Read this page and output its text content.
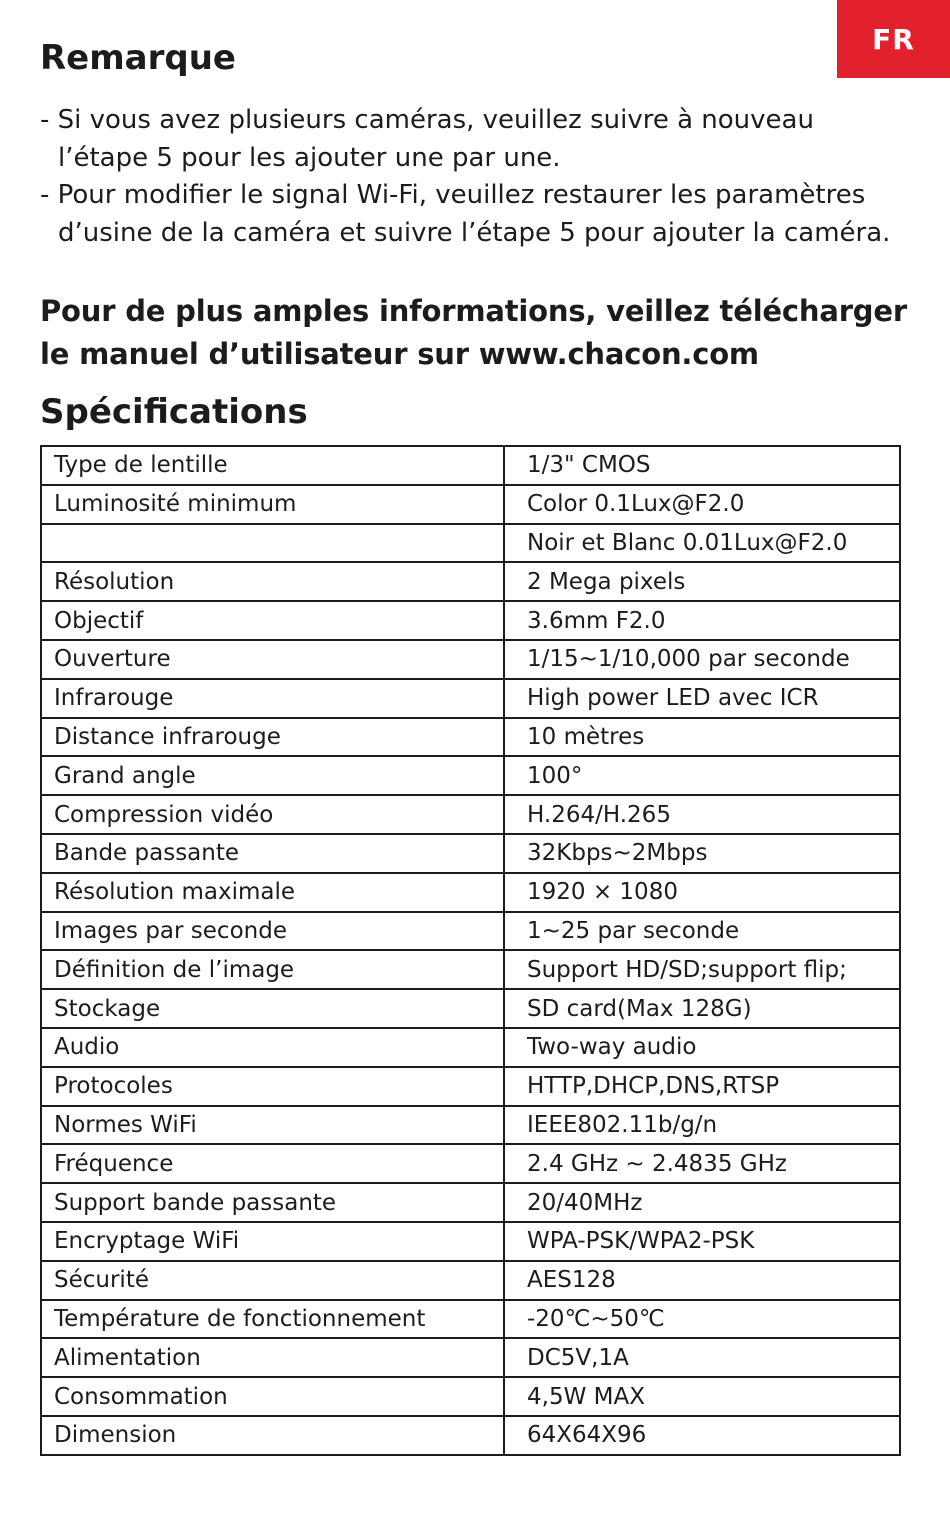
FR
Remarque
- Si vous avez plusieurs caméras, veuillez suivre à nouveau l’étape 5 pour les ajouter une par une.
- Pour modifier le signal Wi-Fi, veuillez restaurer les paramètres d’usine de la caméra et suivre l’étape 5 pour ajouter la caméra.

Pour de plus amples informations, veillez télécharger le manuel d’utilisateur sur www.chacon.com

Spécifications
Type de lentille	1/3" CMOS
Luminosité minimum	Color 0.1Lux@F2.0
	Noir et Blanc 0.01Lux@F2.0
Résolution	2 Mega pixels
Objectif	3.6mm F2.0
Ouverture	1/15~1/10,000 par seconde
Infrarouge	High power LED avec ICR
Distance infrarouge	10 mètres
Grand angle	100°
Compression vidéo	H.264/H.265
Bande passante	32Kbps~2Mbps
Résolution maximale	1920 × 1080
Images par seconde	1~25 par seconde
Définition de l’image	Support HD/SD;support flip;
Stockage	SD card(Max 128G)
Audio	Two-way audio
Protocoles	HTTP,DHCP,DNS,RTSP
Normes WiFi	IEEE802.11b/g/n
Fréquence	2.4 GHz ~ 2.4835 GHz
Support bande passante	20/40MHz
Encryptage WiFi	WPA-PSK/WPA2-PSK
Sécurité	AES128
Température de fonctionnement	-20℃~50℃
Alimentation	DC5V,1A
Consommation	4,5W MAX
Dimension	64X64X96
